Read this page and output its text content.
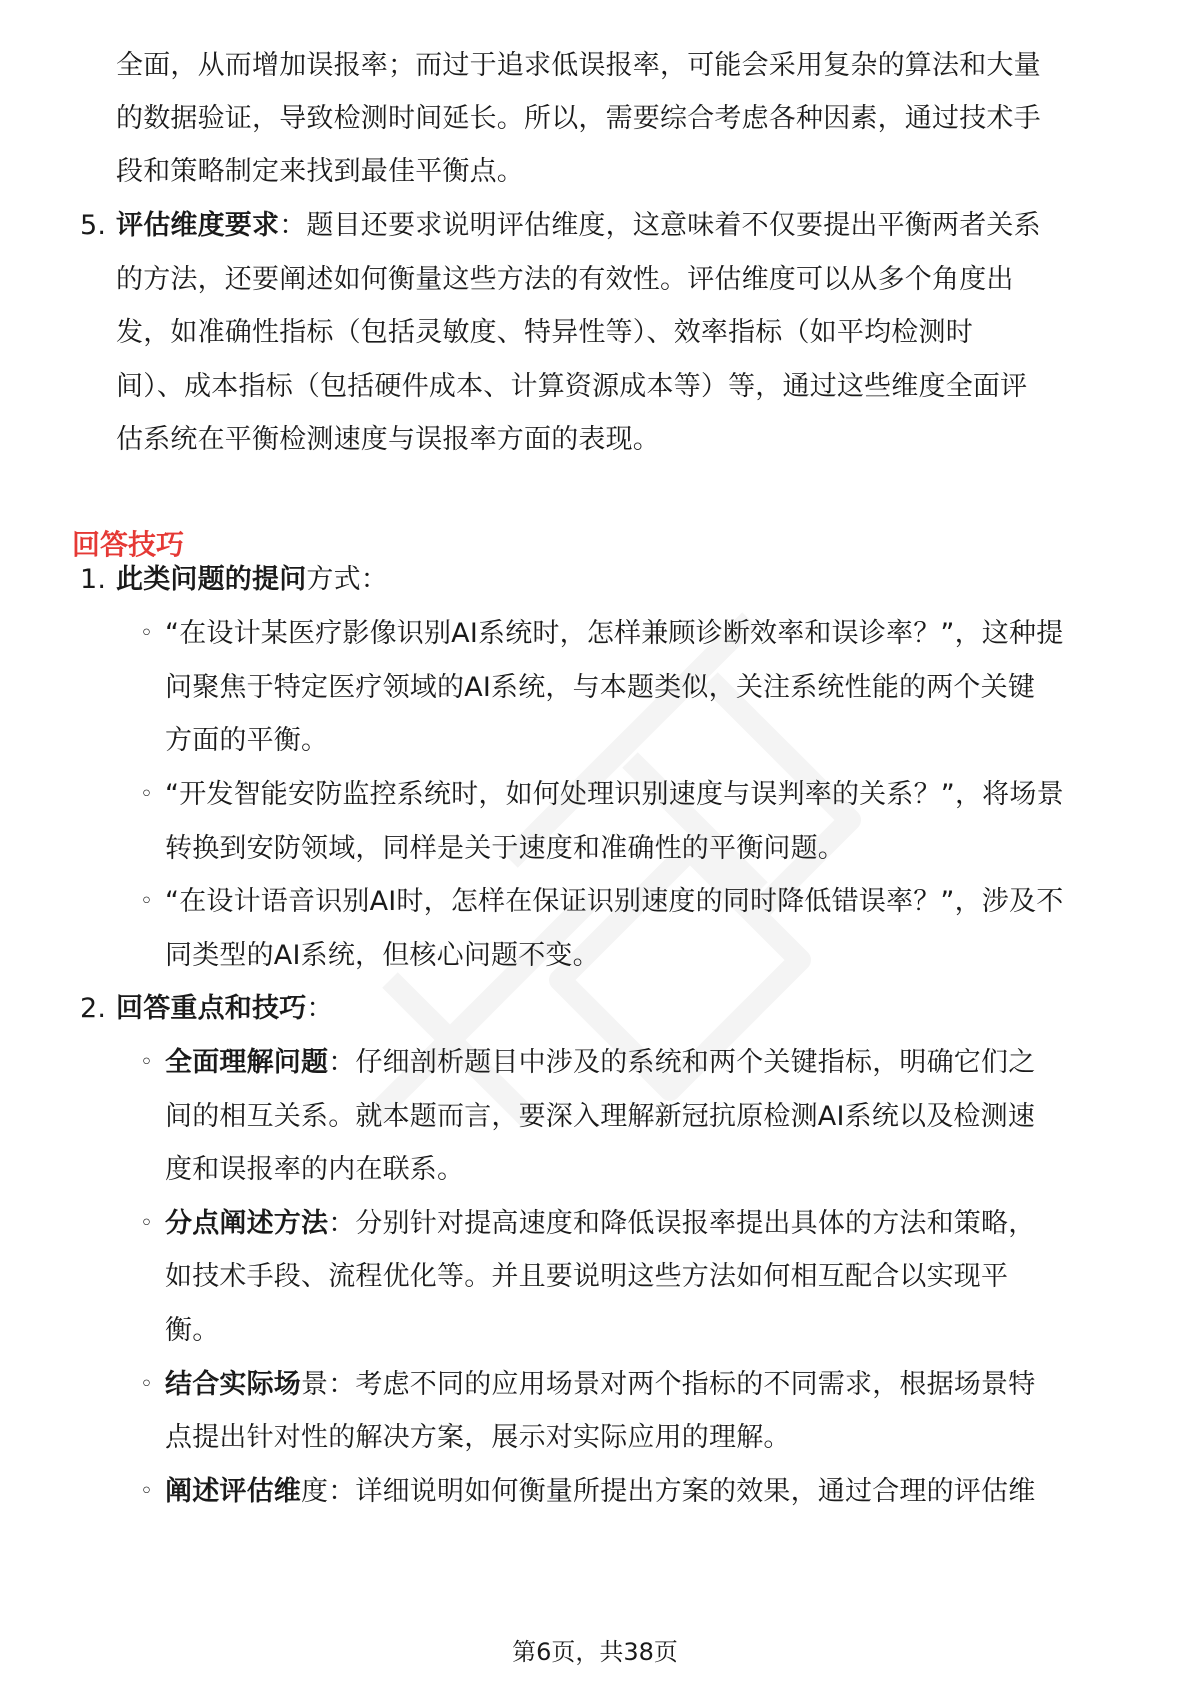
全面，从而增加误报率；而过于追求低误报率，可能会采用复杂的算法和大量
的数据验证，导致检测时间延长。所以，需要综合考虑各种因素，通过技术手
段和策略制定来找到最佳平衡点。
5. 评估维度要求：题目还要求说明评估维度，这意味着不仅要提出平衡两者关系
的方法，还要阐述如何衡量这些方法的有效性。评估维度可以从多个角度出
发，如准确性指标（包括灵敏度、特异性等）、效率指标（如平均检测时
间）、成本指标（包括硬件成本、计算资源成本等）等，通过这些维度全面评
估系统在平衡检测速度与误报率方面的表现。
回答技巧
1. 此类问题的提问方式：
◦ “在设计某医疗影像识别AI系统时，怎样兼顾诊断效率和误诊率？”，这种提
问聚焦于特定医疗领域的AI系统，与本题类似，关注系统性能的两个关键
方面的平衡。
◦ “开发智能安防监控系统时，如何处理识别速度与误判率的关系？”，将场景
转换到安防领域，同样是关于速度和准确性的平衡问题。
◦ “在设计语音识别AI时，怎样在保证识别速度的同时降低错误率？”，涉及不
同类型的AI系统，但核心问题不变。
2. 回答重点和技巧：
◦ 全面理解问题：仔细剖析题目中涉及的系统和两个关键指标，明确它们之
间的相互关系。就本题而言，要深入理解新冠抗原检测AI系统以及检测速
度和误报率的内在联系。
◦ 分点阐述方法：分别针对提高速度和降低误报率提出具体的方法和策略，
如技术手段、流程优化等。并且要说明这些方法如何相互配合以实现平
衡。
◦ 结合实际场景：考虑不同的应用场景对两个指标的不同需求，根据场景特
点提出针对性的解决方案，展示对实际应用的理解。
◦ 阐述评估维度：详细说明如何衡量所提出方案的效果，通过合理的评估维
第6页，共38页
